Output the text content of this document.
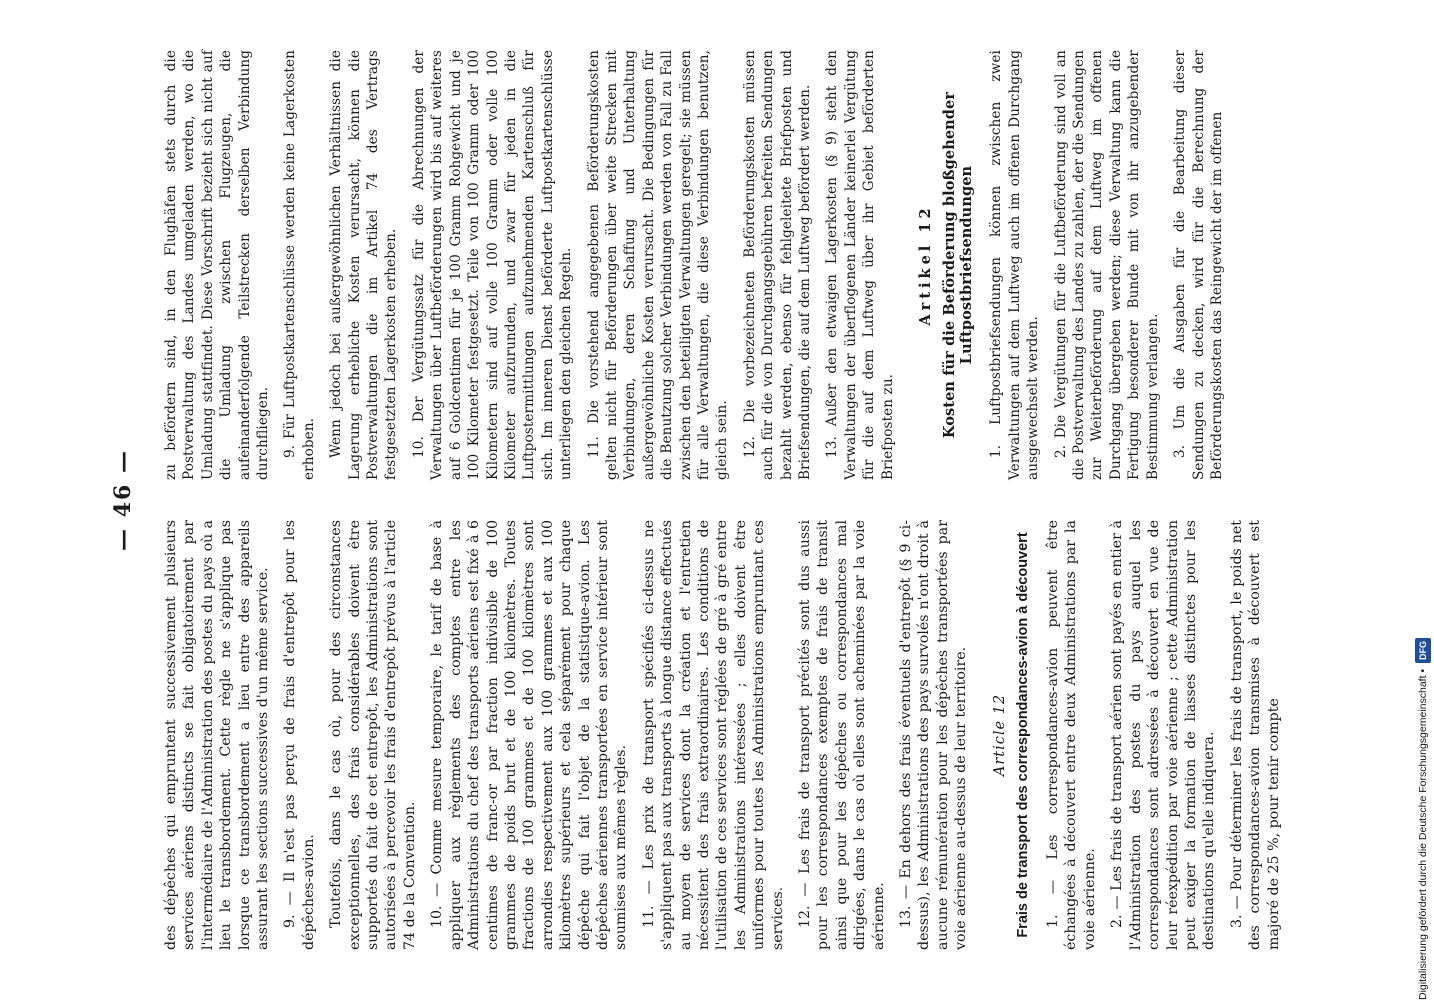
— 46 —

des dépêches qui empruntent successivement plusieurs services aériens distincts se fait obligatoirement par l'intermédiaire de l'Administration des postes du pays où a lieu le transbordement. Cette règle ne s'applique pas lorsque ce transbordement a lieu entre des appareils assurant les sections successives d'un même service. 9. — Il n'est pas perçu de frais d'entrepôt pour les dépêches-avion. Toutefois, dans le cas où, pour des circonstances exceptionnelles, des frais considérables doivent être supportés du fait de cet entrepôt, les Administrations sont autorisées à percevoir les frais d'entrepôt prévus à l'article 74 de la Convention. 10. — Comme mesure temporaire, le tarif de base à appliquer aux règlements des comptes entre les Administrations du chef des transports aériens est fixé à 6 centimes de franc-or par fraction indivisible de 100 grammes de poids brut et de 100 kilomètres. Toutes fractions de 100 grammes et de 100 kilomètres sont arrondies respectivement aux 100 grammes et aux 100 kilomètres supérieurs et cela séparément pour chaque dépêche qui fait l'objet de la statistique-avion. Les dépêches aériennes transportées en service intérieur sont soumises aux mêmes règles. 11. — Les prix de transport spécifiés ci-dessus ne s'appliquent pas aux transports à longue distance effectués au moyen de services dont la création et l'entretien nécessitent des frais extraordinaires. Les conditions de l'utilisation de ces services sont réglées de gré à gré entre les Administrations intéressées ; elles doivent être uniformes pour toutes les Administrations empruntant ces services. 12. — Les frais de transport précités sont dus aussi pour les correspondances exemptes de frais de transit ainsi que pour les dépêches ou correspondances mal dirigées, dans le cas où elles sont acheminées par la voie aérienne. 13. — En dehors des frais éventuels d'entrepôt (§ 9 ci-dessus), les Administrations des pays survolés n'ont droit à aucune rémunération pour les dépêches transportées par voie aérienne au-dessus de leur territoire. Article 12 Frais de transport des correspondances-avion à découvert 1. — Les correspondances-avion peuvent être échangées à découvert entre deux Administrations par la voie aérienne. 2. — Les frais de transport aérien sont payés en entier à l'Administration des postes du pays auquel les correspondances sont adressées à découvert en vue de leur réexpédition par voie aérienne ; cette Administration peut exiger la formation de liasses distinctes pour les destinations qu'elle indiquera. 3. — Pour déterminer les frais de transport, le poids net des correspondances-avion transmises à découvert est majoré de 25 %, pour tenir compte

zu befördern sind, in den Flughäfen stets durch die Postverwaltung des Landes umgeladen werden, wo die Umladung stattfindet. Diese Vorschrift bezieht sich nicht auf die Umladung zwischen Flugzeugen, die aufeinanderfolgende Teilstrecken derselben Verbindung durchfliegen. 9. Für Luftpostkartenschlüsse werden keine Lagerkosten erhoben. Wenn jedoch bei außergewöhnlichen Verhältnissen die Lagerung erhebliche Kosten verursacht, können die Postverwaltungen die im Artikel 74 des Vertrags festgesetzten Lagerkosten erheben. 10. Der Vergütungssatz für die Abrechnungen der Verwaltungen über Luftbeförderungen wird bis auf weiteres auf 6 Goldcentimen für je 100 Gramm Rohgewicht und je 100 Kilometer festgesetzt. Teile von 100 Gramm oder 100 Kilometern sind auf volle 100 Gramm oder volle 100 Kilometer aufzurunden, und zwar für jeden in die Luftpostermittlungen aufzunehmenden Kartenschluß für sich. Im inneren Dienst beförderte Luftpostkartenschlüsse unterliegen den gleichen Regeln. 11. Die vorstehend angegebenen Beförderungskosten gelten nicht für Beförderungen über weite Strecken mit Verbindungen, deren Schaffung und Unterhaltung außergewöhnliche Kosten verursacht. Die Bedingungen für die Benutzung solcher Verbindungen werden von Fall zu Fall zwischen den beteiligten Verwaltungen geregelt; sie müssen für alle Verwaltungen, die diese Verbindungen benutzen, gleich sein. 12. Die vorbezeichneten Beförderungskosten müssen auch für die von Durchgangsgebühren befreiten Sendungen bezahlt werden, ebenso für fehlgeleitete Briefposten und Briefsendungen, die auf dem Luftweg befördert werden. 13. Außer den etwaigen Lagerkosten (§ 9) steht den Verwaltungen der überflogenen Länder keinerlei Vergütung für die auf dem Luftweg über ihr Gebiet beförderten Briefposten zu.

Artikel 12 Kosten für die Beförderung bloßgehender Luftpostbriefsendungen 1. Luftpostbriefsendungen können zwischen zwei Verwaltungen auf dem Luftweg auch im offenen Durchgang ausgewechselt werden. 2. Die Vergütungen für die Luftbeförderung sind voll an die Postverwaltung des Landes zu zahlen, der die Sendungen zur Weiterbeförderung auf dem Luftweg im offenen Durchgang übergeben werden; diese Verwaltung kann die Fertigung besonderer Bunde mit von ihr anzugebender Bestimmung verlangen. 3. Um die Ausgaben für die Bearbeitung dieser Sendungen zu decken, wird für die Berechnung der Beförderungskosten das Reingewicht der im offenen

Digitalisierung gefördert durch die Deutsche Forschungsgemeinschaft • DFG
